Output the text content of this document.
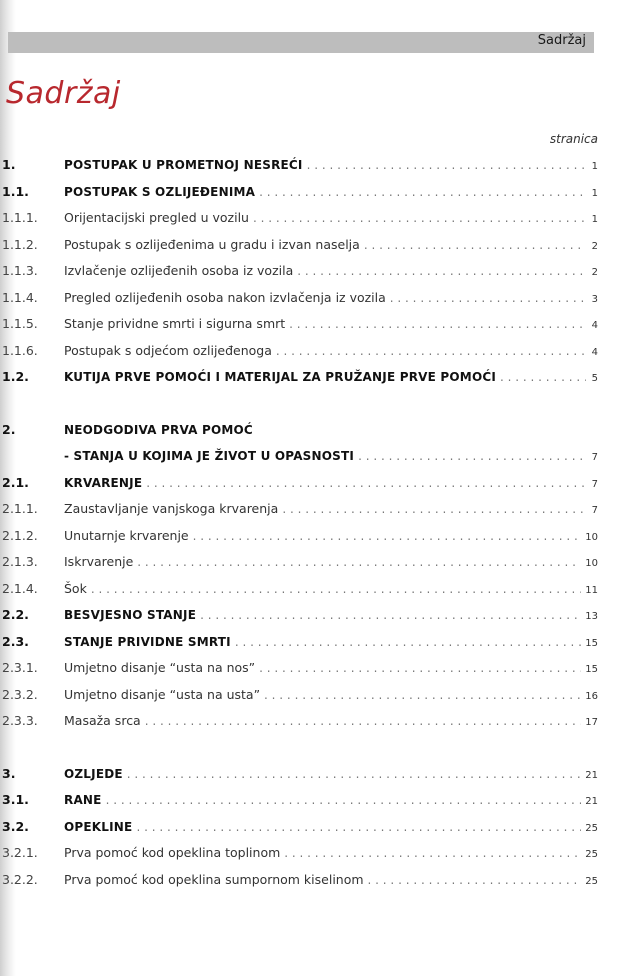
Sadržaj
Sadržaj
stranica
1.	POSTUPAK U PROMETNOJ NESREĆI . . .	1
1.1.	POSTUPAK S OZLIJEĐENIMA . . .	1
1.1.1.	Orijentacijski pregled u vozilu . . .	1
1.1.2.	Postupak s ozlijeđenima u gradu i izvan naselja . . .	2
1.1.3.	Izvlačenje ozlijeđenih osoba iz vozila . . .	2
1.1.4.	Pregled ozlijeđenih osoba nakon izvlačenja iz vozila . . .	3
1.1.5.	Stanje prividne smrti i sigurna smrt . . .	4
1.1.6.	Postupak s odjećom ozlijeđenoga . . .	4
1.2.	KUTIJA PRVE POMOĆI I MATERIJAL ZA PRUŽANJE PRVE POMOĆI . . .	5
2.	NEODGODIVA PRVA POMOĆ
- STANJA U KOJIMA JE ŽIVOT U OPASNOSTI . . .	7
2.1.	KRVARENJE . . .	7
2.1.1.	Zaustavljanje vanjskoga krvarenja . . .	7
2.1.2.	Unutarnje krvarenje . . .	10
2.1.3.	Iskrvarenje . . .	10
2.1.4.	Šok . . .	11
2.2.	BESVJESNO STANJE . . .	13
2.3.	STANJE PRIVIDNE SMRTI . . .	15
2.3.1.	Umjetno disanje “usta na nos” . . .	15
2.3.2.	Umjetno disanje “usta na usta” . . .	16
2.3.3.	Masaža srca . . .	17
3.	OZLJEDE . . .	21
3.1.	RANE . . .	21
3.2.	OPEKLINE . . .	25
3.2.1.	Prva pomoć kod opeklina toplinom . . .	25
3.2.2.	Prva pomoć kod opeklina sumpornom kiselinom . . .	25
